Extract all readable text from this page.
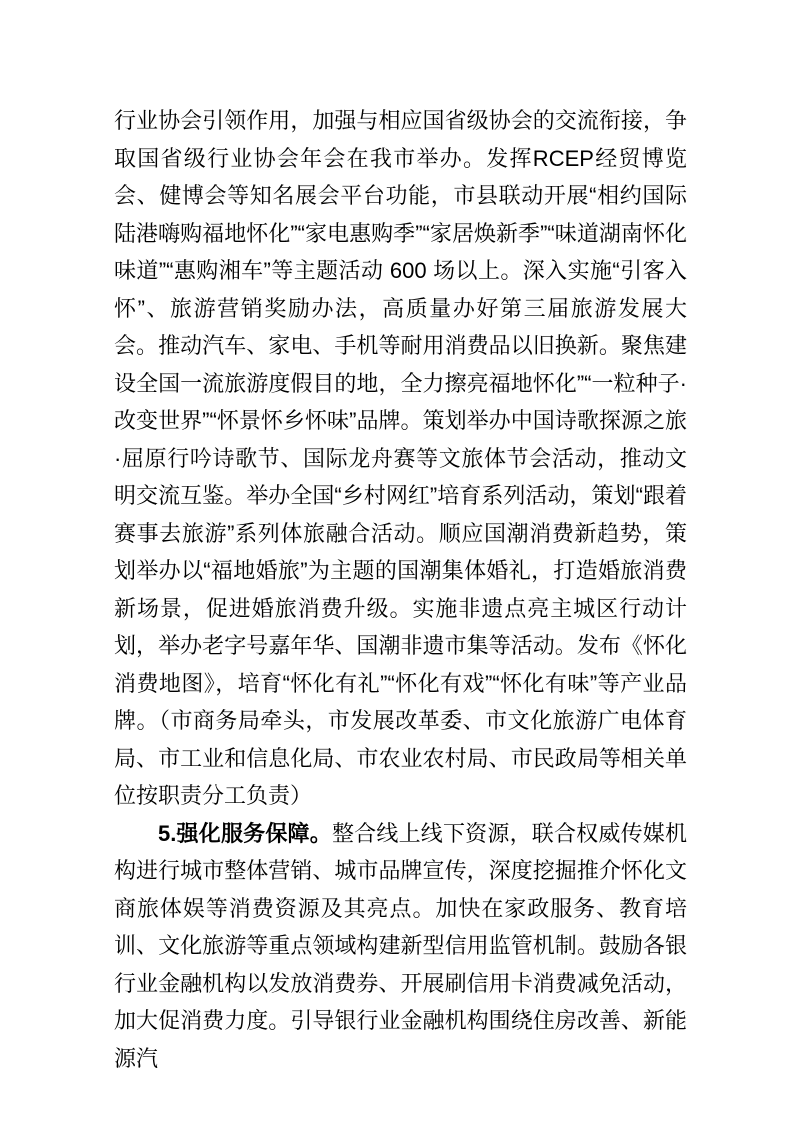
行业协会引领作用，加强与相应国省级协会的交流衔接，争取国省级行业协会年会在我市举办。发挥RCEP经贸博览会、健博会等知名展会平台功能，市县联动开展“相约国际陆港嗨购福地怀化”“家电惠购季”“家居焕新季”“味道湖南怀化味道”“惠购湘车”等主题活动 600 场以上。深入实施“引客入怀”、旅游营销奖励办法，高质量办好第三届旅游发展大会。推动汽车、家电、手机等耐用消费品以旧换新。聚焦建设全国一流旅游度假目的地，全力擦亮福地怀化”“一粒种子·改变世界”“怀景怀乡怀味”品牌。策划举办中国诗歌探源之旅·屈原行吟诗歌节、国际龙舟赛等文旅体节会活动，推动文明交流互鉴。举办全国“乡村网红”培育系列活动，策划“跟着赛事去旅游”系列体旅融合活动。顺应国潮消费新趋势，策划举办以“福地婚旅”为主题的国潮集体婚礼，打造婚旅消费新场景，促进婚旅消费升级。实施非遗点亮主城区行动计划，举办老字号嘉年华、国潮非遗市集等活动。发布《怀化消费地图》，培育“怀化有礼”“怀化有戏”“怀化有味”等产业品牌。（市商务局牵头，市发展改革委、市文化旅游广电体育局、市工业和信息化局、市农业农村局、市民政局等相关单位按职责分工负责）

5.强化服务保障。整合线上线下资源，联合权威传媒机构进行城市整体营销、城市品牌宣传，深度挖掘推介怀化文商旅体娱等消费资源及其亮点。加快在家政服务、教育培训、文化旅游等重点领域构建新型信用监管机制。鼓励各银行业金融机构以发放消费券、开展刷信用卡消费减免活动，加大促消费力度。引导银行业金融机构围绕住房改善、新能源汽
